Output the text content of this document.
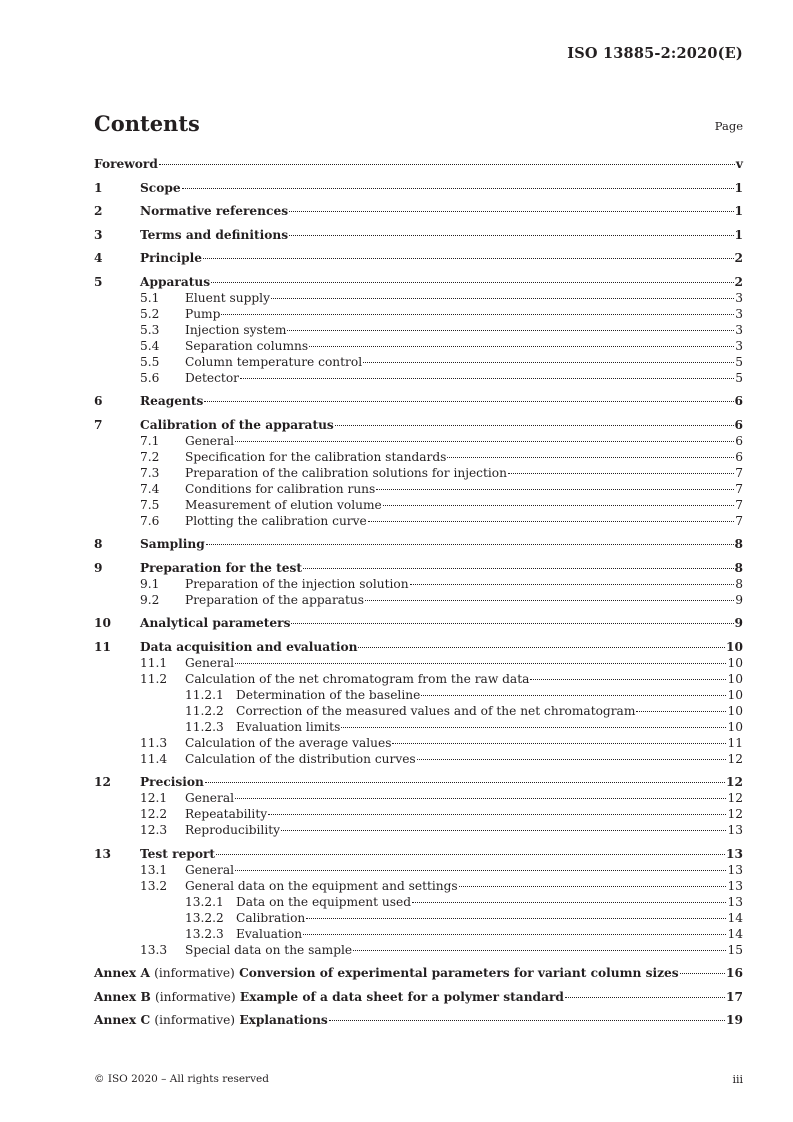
ISO 13885-2:2020(E)
Contents	Page
Foreword	v
1	Scope	1
2	Normative references	1
3	Terms and definitions	1
4	Principle	2
5	Apparatus	2
5.1	Eluent supply	3
5.2	Pump	3
5.3	Injection system	3
5.4	Separation columns	3
5.5	Column temperature control	5
5.6	Detector	5
6	Reagents	6
7	Calibration of the apparatus	6
7.1	General	6
7.2	Specification for the calibration standards	6
7.3	Preparation of the calibration solutions for injection	7
7.4	Conditions for calibration runs	7
7.5	Measurement of elution volume	7
7.6	Plotting the calibration curve	7
8	Sampling	8
9	Preparation for the test	8
9.1	Preparation of the injection solution	8
9.2	Preparation of the apparatus	9
10	Analytical parameters	9
11	Data acquisition and evaluation	10
11.1	General	10
11.2	Calculation of the net chromatogram from the raw data	10
11.2.1	Determination of the baseline	10
11.2.2	Correction of the measured values and of the net chromatogram	10
11.2.3	Evaluation limits	10
11.3	Calculation of the average values	11
11.4	Calculation of the distribution curves	12
12	Precision	12
12.1	General	12
12.2	Repeatability	12
12.3	Reproducibility	13
13	Test report	13
13.1	General	13
13.2	General data on the equipment and settings	13
13.2.1	Data on the equipment used	13
13.2.2	Calibration	14
13.2.3	Evaluation	14
13.3	Special data on the sample	15
Annex A (informative) Conversion of experimental parameters for variant column sizes	16
Annex B (informative) Example of a data sheet for a polymer standard	17
Annex C (informative) Explanations	19
© ISO 2020 – All rights reserved	iii
